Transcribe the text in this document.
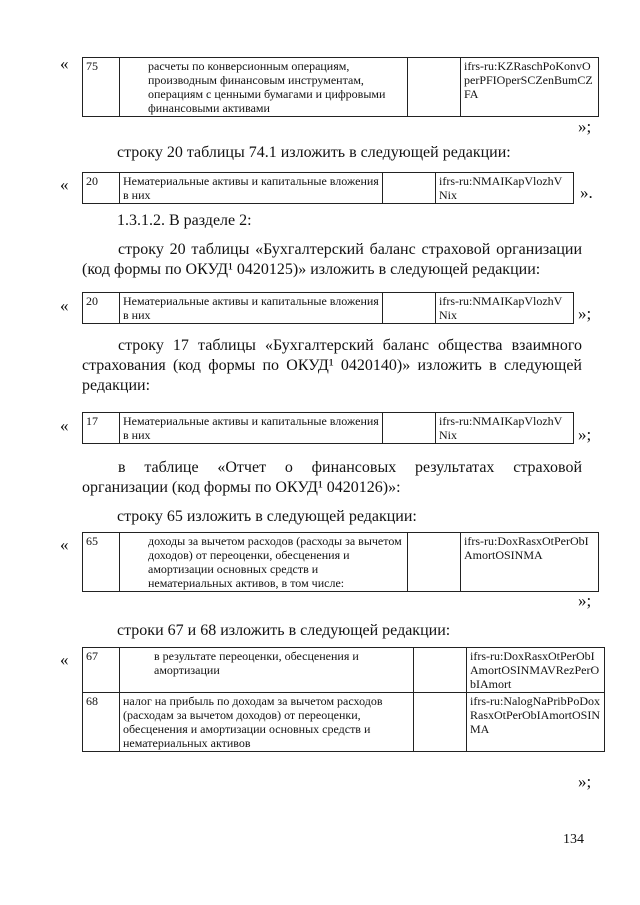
« 75	расчеты по конверсионным операциям, производным финансовым инструментам, операциям с ценными бумагами и цифровыми финансовыми активами		ifrs-ru:KZRaschPoKonvOperPFIOperSCZenBumCZFA
»;
строку 20 таблицы 74.1 изложить в следующей редакции:
« 20	Нематериальные активы и капитальные вложения в них		ifrs-ru:NMAIKapVlozhVNix	».
1.3.1.2. В разделе 2:
строку 20 таблицы «Бухгалтерский баланс страховой организации (код формы по ОКУД¹ 0420125)» изложить в следующей редакции:
« 20	Нематериальные активы и капитальные вложения в них		ifrs-ru:NMAIKapVlozhVNix	»;
строку 17 таблицы «Бухгалтерский баланс общества взаимного страхования (код формы по ОКУД¹ 0420140)» изложить в следующей редакции:
« 17	Нематериальные активы и капитальные вложения в них		ifrs-ru:NMAIKapVlozhVNix	»;
в таблице «Отчет о финансовых результатах страховой организации (код формы по ОКУД¹ 0420126)»:
строку 65 изложить в следующей редакции:
« 65	доходы за вычетом расходов (расходы за вычетом доходов) от переоценки, обесценения и амортизации основных средств и нематериальных активов, в том числе:		ifrs-ru:DoxRasxOtPerObIAmortOSINMA
»;
строки 67 и 68 изложить в следующей редакции:
« 67	в результате переоценки, обесценения и амортизации		ifrs-ru:DoxRasxOtPerObIAmortOSINMAVRezPerObIAmort
68	налог на прибыль по доходам за вычетом расходов (расходам за вычетом доходов) от переоценки, обесценения и амортизации основных средств и нематериальных активов		ifrs-ru:NalogNaPribPoDoxRasxOtPerObIAmortOSINMA
»;
134
